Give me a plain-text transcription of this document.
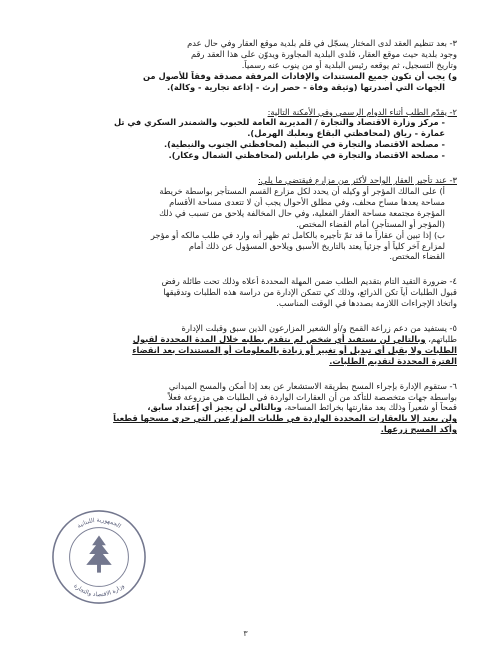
٣- بعد تنظيم العقد لدى المختار يسجّل في قلم بلدية موقع العقار وفي حال عدم
وجود بلدية حيث موقع العقار، فلدى البلدية المجاورة ويدوّن على هذا العقد رقم
وتاريخ التسجيل، ثم يوقعه رئيس البلدية أو من ينوب عنه رسمياً.
و) يجب أن تكون جميع المستندات والإفادات المرفقة مصدقة وفقاً للأصول من
الجهات التي أصدرتها (وثيقة وفاة - حصر إرث - إذاعة تجارية - وكالة).
٢- يقدّم الطلب أثناء الدوام الرسمي وفي الأمكنة التالية:
- مركز وزارة الاقتصاد والتجارة / المديرية العامة للحبوب والشمندر السكري في تل
عمارة - رياق (لمحافظتي البقاع وبعلبك الهرمل).
- مصلحة الاقتصاد والتجارة في النبطية (لمحافظتي الجنوب والنبطية).
- مصلحة الاقتصاد والتجارة في طرابلس (لمحافظتي الشمال وعكار).
٣- عند تأجير العقار الواحد لأكثر من مزارع فيقتضي ما يلي:
أ) على المالك المؤجر أو وكيله أن يحدد لكل مزارع القسم المستأجر بواسطة خريطة
مساحة يعدها مساح محلف، وفي مطلق الأحوال يجب أن لا تتعدى مساحة الأقسام
المؤجرة مجتمعة مساحة العقار الفعلية، وفي حال المخالفة يلاحق من تسبب في ذلك
(المؤجر أو المستأجر) أمام القضاء المختص.
ب) إذا تبين أن عقاراً ما قد تمّ تأجيره بالكامل ثم ظهر أنه وارد في طلب مالكه أو مؤجر
لمزارع آخر كلياً أو جزئياً يعتد بالتاريخ الأسبق ويلاحق المسؤول عن ذلك أمام
القضاء المختص.
٤- ضرورة التقيد التام بتقديم الطلب ضمن المهلة المحددة أعلاه وذلك تحت طائلة رفض
قبول الطلبات أياً تكن الذرائع، وذلك كي تتمكن الإدارة من دراسة هذه الطلبات وتدقيقها
واتخاذ الإجراءات اللازمة بصددها في الوقت المناسب.
٥- يستفيد من دعم زراعة القمح و/أو الشعير المزارعون الذين سبق وقبلت الإدارة
طلباتهم، وبالتالي لن يستفيد أي شخص لم يتقدم بطلبه خلال المدة المحددة لقبول
الطلبات ولا يقبل أي تبديل أو تغيير أو زيادة بالمعلومات أو المستندات بعد انقضاء
الفترة المحددة لتقديم الطلبات.
٦- ستقوم الإدارة بإجراء المسح بطريقة الاستشعار عن بعد إذا أمكن والمسح الميداني
بواسطة جهات متخصصة للتأكد من أن العقارات الواردة في الطلبات هي مزروعة فعلاً
قمحاً أو شعيراً وذلك بعد مقارنتها بخرائط المساحة، وبالتالي لن يجيز أي إعتداد سابق،
ولن يعتد إلا بالعقارات المحددة الواردة في طلبات المزارعين التي جرى مسحها قطعياً
وأكد المسح زرعها.
الجمهورية اللبنانية
وزارة الاقتصاد والتجارة
٣
